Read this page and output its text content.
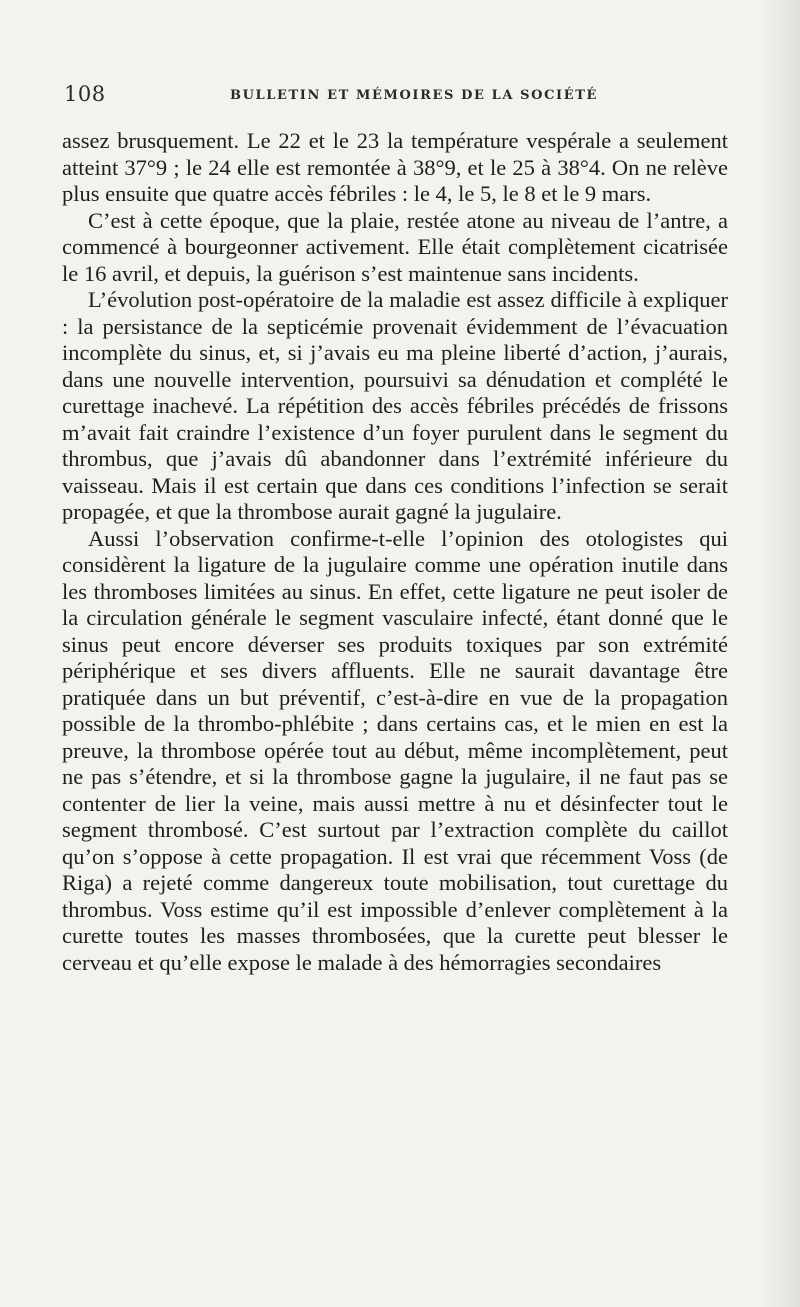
108	BULLETIN ET MÉMOIRES DE LA SOCIÉTÉ

assez brusquement. Le 22 et le 23 la température vespérale a seulement atteint 37°9 ; le 24 elle est remontée à 38°9, et le 25 à 38°4. On ne relève plus ensuite que quatre accès fébriles : le 4, le 5, le 8 et le 9 mars.

C’est à cette époque, que la plaie, restée atone au niveau de l’antre, a commencé à bourgeonner activement. Elle était complètement cicatrisée le 16 avril, et depuis, la guérison s’est maintenue sans incidents.

L’évolution post-opératoire de la maladie est assez difficile à expliquer : la persistance de la septicémie provenait évidemment de l’évacuation incomplète du sinus, et, si j’avais eu ma pleine liberté d’action, j’aurais, dans une nouvelle intervention, poursuivi sa dénudation et complété le curettage inachevé. La répétition des accès fébriles précédés de frissons m’avait fait craindre l’existence d’un foyer purulent dans le segment du thrombus, que j’avais dû abandonner dans l’extrémité inférieure du vaisseau. Mais il est certain que dans ces conditions l’infection se serait propagée, et que la thrombose aurait gagné la jugulaire.

Aussi l’observation confirme-t-elle l’opinion des otologistes qui considèrent la ligature de la jugulaire comme une opération inutile dans les thromboses limitées au sinus. En effet, cette ligature ne peut isoler de la circulation générale le segment vasculaire infecté, étant donné que le sinus peut encore déverser ses produits toxiques par son extrémité périphérique et ses divers affluents. Elle ne saurait davantage être pratiquée dans un but préventif, c’est-à-dire en vue de la propagation possible de la thrombo-phlébite ; dans certains cas, et le mien en est la preuve, la thrombose opérée tout au début, même incomplètement, peut ne pas s’étendre, et si la thrombose gagne la jugulaire, il ne faut pas se contenter de lier la veine, mais aussi mettre à nu et désinfecter tout le segment thrombosé. C’est surtout par l’extraction complète du caillot qu’on s’oppose à cette propagation. Il est vrai que récemment Voss (de Riga) a rejeté comme dangereux toute mobilisation, tout curettage du thrombus. Voss estime qu’il est impossible d’enlever complètement à la curette toutes les masses thrombosées, que la curette peut blesser le cerveau et qu’elle expose le malade à des hémorragies secondaires
